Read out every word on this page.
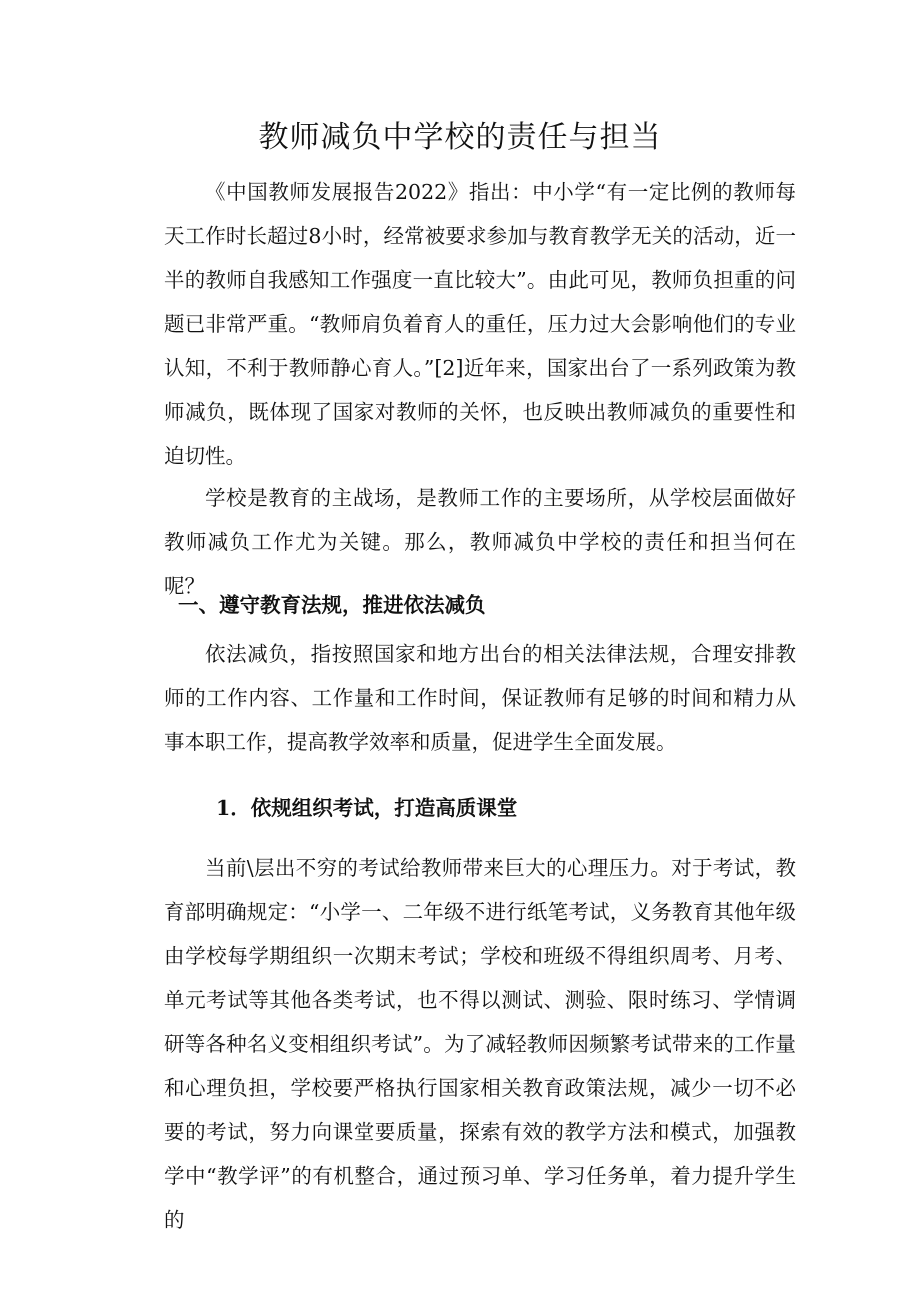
教师减负中学校的责任与担当

《中国教师发展报告2022》指出：中小学“有一定比例的教师每天工作时长超过8小时，经常被要求参加与教育教学无关的活动，近一半的教师自我感知工作强度一直比较大”。由此可见，教师负担重的问题已非常严重。“教师肩负着育人的重任，压力过大会影响他们的专业认知，不利于教师静心育人。”[2]近年来，国家出台了一系列政策为教师减负，既体现了国家对教师的关怀，也反映出教师减负的重要性和迫切性。

学校是教育的主战场，是教师工作的主要场所，从学校层面做好教师减负工作尤为关键。那么，教师减负中学校的责任和担当何在呢？

一、遵守教育法规，推进依法减负

依法减负，指按照国家和地方出台的相关法律法规，合理安排教师的工作内容、工作量和工作时间，保证教师有足够的时间和精力从事本职工作，提高教学效率和质量，促进学生全面发展。

1．依规组织考试，打造高质课堂

当前\层出不穷的考试给教师带来巨大的心理压力。对于考试，教育部明确规定：“小学一、二年级不进行纸笔考试，义务教育其他年级由学校每学期组织一次期末考试；学校和班级不得组织周考、月考、单元考试等其他各类考试，也不得以测试、测验、限时练习、学情调研等各种名义变相组织考试”。为了减轻教师因频繁考试带来的工作量和心理负担，学校要严格执行国家相关教育政策法规，减少一切不必要的考试，努力向课堂要质量，探索有效的教学方法和模式，加强教学中“教学评”的有机整合，通过预习单、学习任务单，着力提升学生的
